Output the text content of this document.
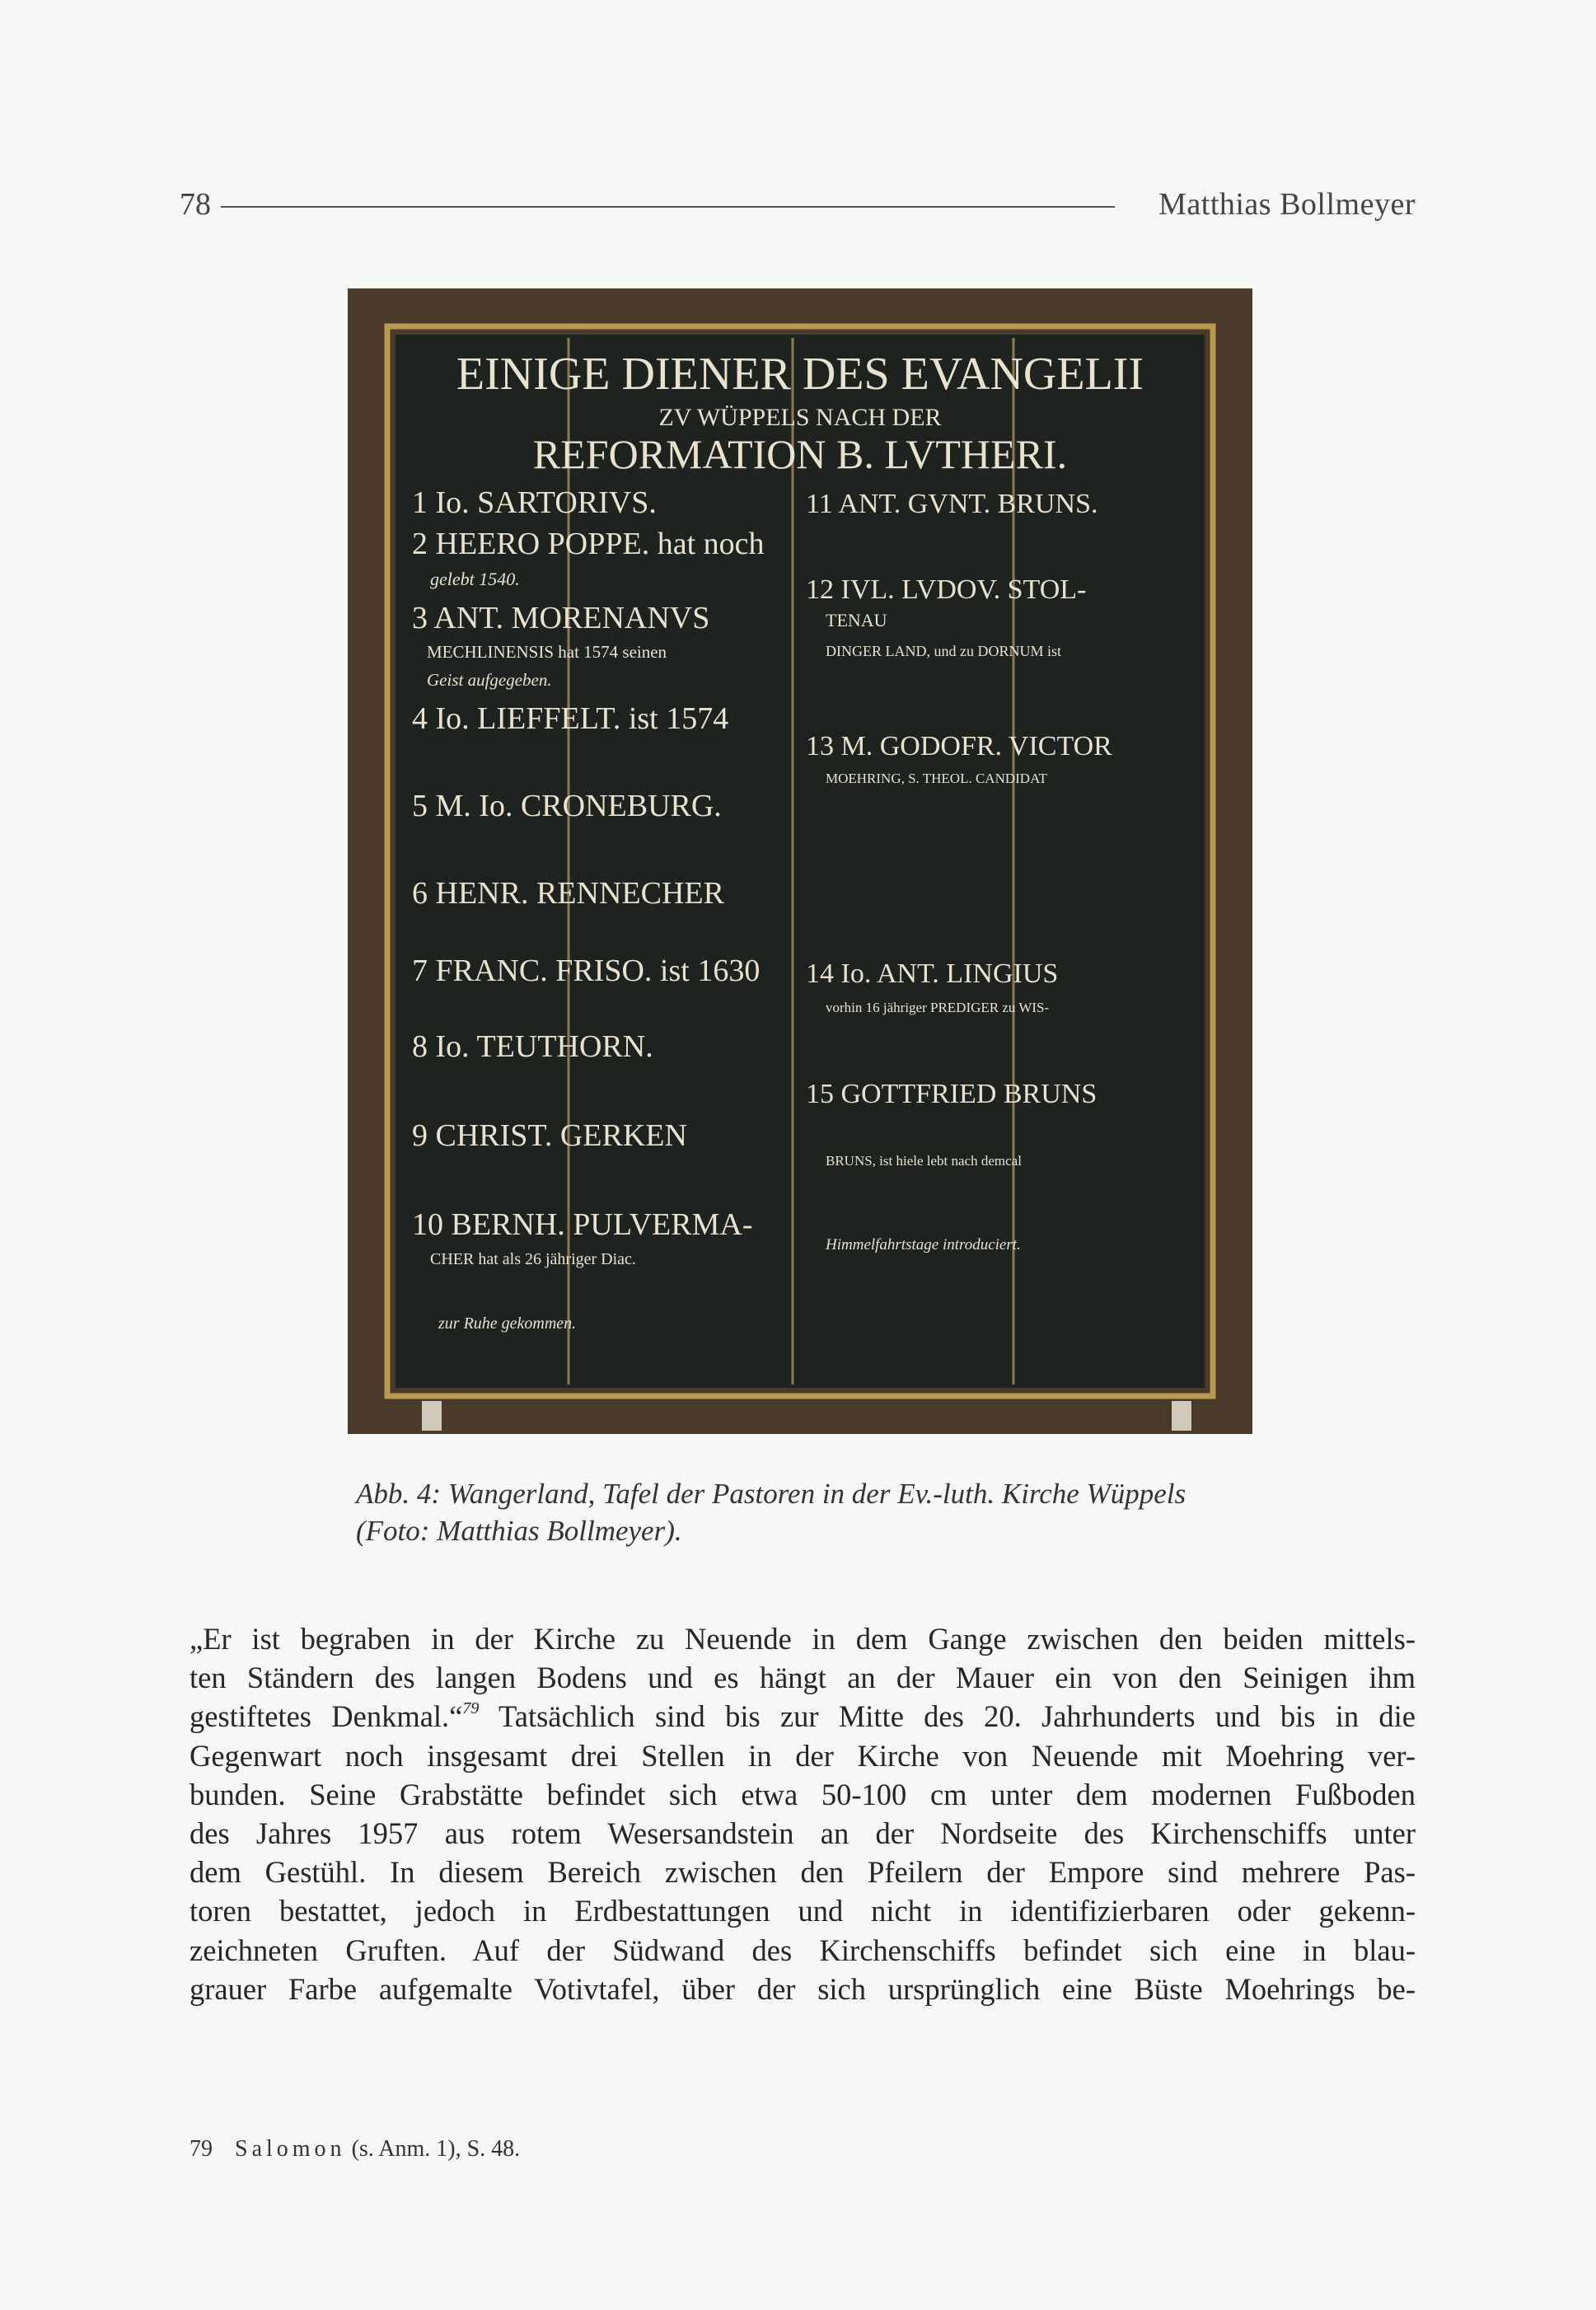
78	Matthias Bollmeyer
EINIGE DIENER DES EVANGELII
ZV WÜPPELS NACH DER
REFORMATION B. LVTHERI.
1 Io. SARTORIVS.
2 HEERO POPPE. hat noch
gelebt 1540.
3 ANT. MORENANVS
MECHLINENSIS hat 1574 seinen
Geist aufgegeben.
4 Io. LIEFFELT. ist 1574
5 M. Io. CRONEBURG.
6 HENR. RENNECHER
7 FRANC. FRISO. ist 1630
8 Io. TEUTHORN.
9 CHRIST. GERKEN
10 BERNH. PULVERMA-
CHER hat als 26 jähriger Diac.
zur Ruhe gekommen.
11 ANT. GVNT. BRUNS.
12 IVL. LVDOV. STOL-
TENAU
DINGER LAND, und zu DORNUM ist
13 M. GODOFR. VICTOR
MOEHRING, S. THEOL. CANDIDAT
14 Io. ANT. LINGIUS
vorhin 16 jähriger PREDIGER zu WIS-
15 GOTTFRIED BRUNS
BRUNS, ist hiele lebt nach demcal
Himmelfahrtstage introduciert.
Abb. 4: Wangerland, Tafel der Pastoren in der Ev.-luth. Kirche Wüppels
(Foto: Matthias Bollmeyer).
„Er ist begraben in der Kirche zu Neuende in dem Gange zwischen den beiden mittels-
ten Ständern des langen Bodens und es hängt an der Mauer ein von den Seinigen ihm
gestiftetes Denkmal.“$^{79}$ Tatsächlich sind bis zur Mitte des 20. Jahrhunderts und bis in die
Gegenwart noch insgesamt drei Stellen in der Kirche von Neuende mit Moehring ver-
bunden. Seine Grabstätte befindet sich etwa 50-100 cm unter dem modernen Fußboden
des Jahres 1957 aus rotem Wesersandstein an der Nordseite des Kirchenschiffs unter
dem Gestühl. In diesem Bereich zwischen den Pfeilern der Empore sind mehrere Pas-
toren bestattet, jedoch in Erdbestattungen und nicht in identifizierbaren oder gekenn-
zeichneten Gruften. Auf der Südwand des Kirchenschiffs befindet sich eine in blau-
grauer Farbe aufgemalte Votivtafel, über der sich ursprünglich eine Büste Moehrings be-
79 Salomon (s. Anm. 1), S. 48.
